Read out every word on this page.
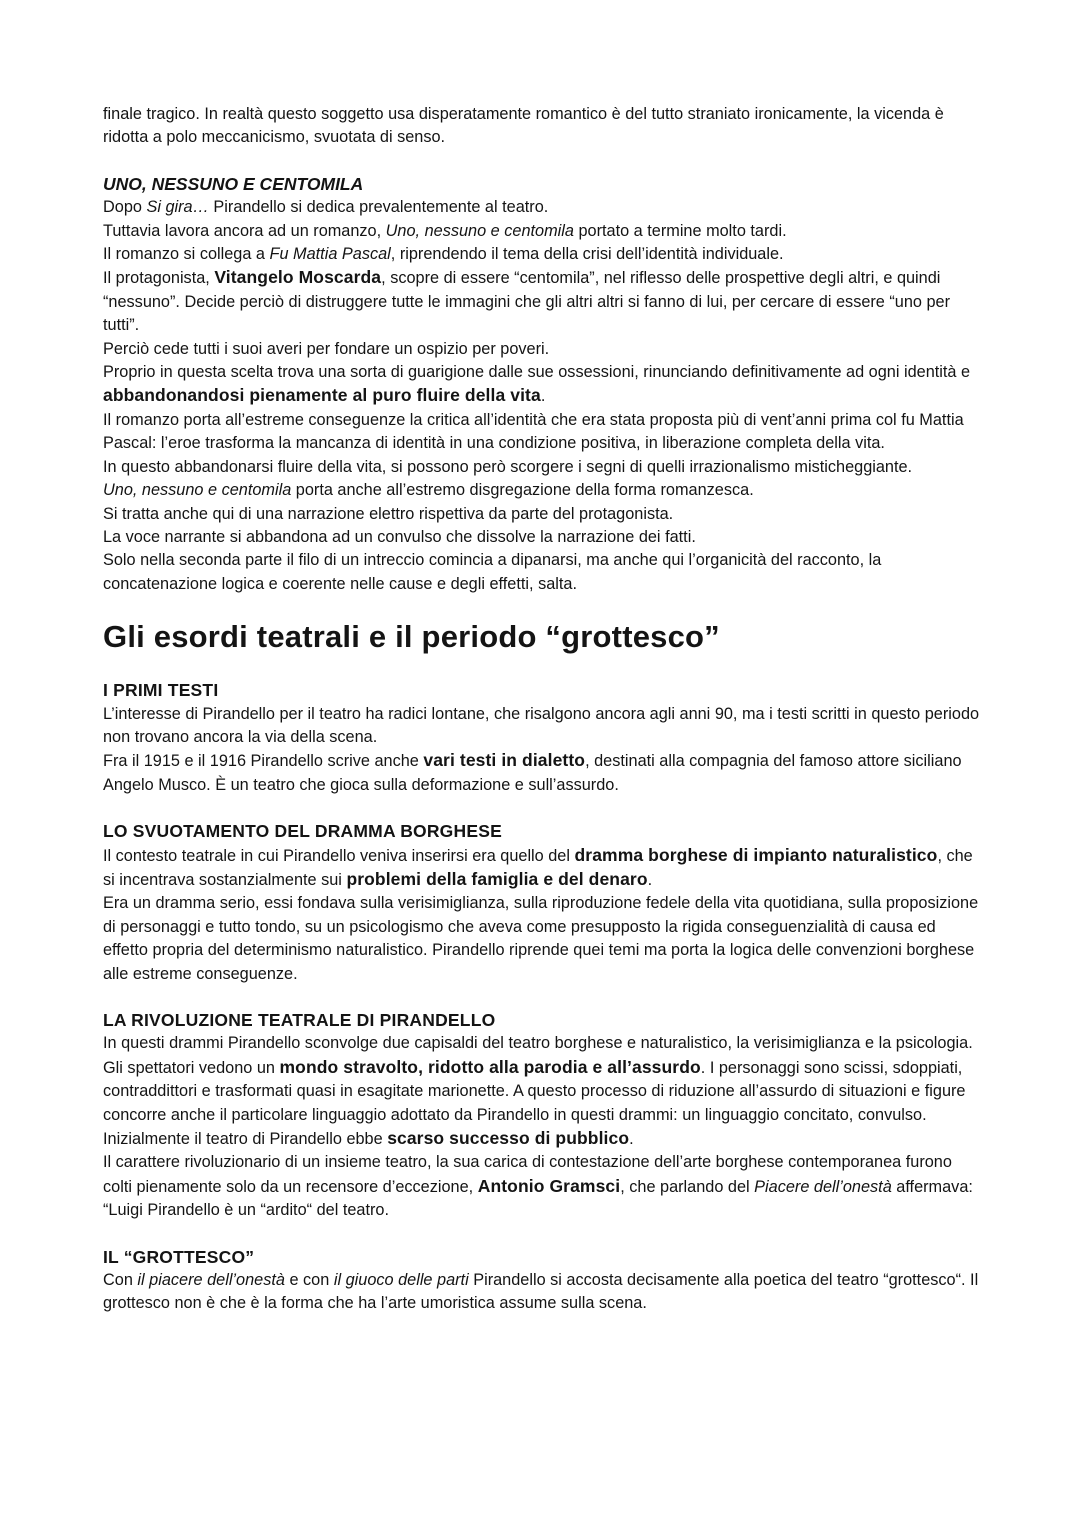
finale tragico. In realtà questo soggetto usa disperatamente romantico è del tutto straniato ironicamente, la vicenda è ridotta a polo meccanicismo, svuotata di senso.

UNO, NESSUNO E CENTOMILA

Dopo Si gira… Pirandello si dedica prevalentemente al teatro.

Tuttavia lavora ancora ad un romanzo, Uno, nessuno e centomila portato a termine molto tardi.

Il romanzo si collega a Fu Mattia Pascal, riprendendo il tema della crisi dell’identità individuale.

Il protagonista, Vitangelo Moscarda, scopre di essere “centomila”, nel riflesso delle prospettive degli altri, e quindi “nessuno”. Decide perciò di distruggere tutte le immagini che gli altri altri si fanno di lui, per cercare di essere “uno per tutti”.

Perciò cede tutti i suoi averi per fondare un ospizio per poveri.

Proprio in questa scelta trova una sorta di guarigione dalle sue ossessioni, rinunciando definitivamente ad ogni identità e abbandonandosi pienamente al puro fluire della vita.

Il romanzo porta all’estreme conseguenze la critica all’identità che era stata proposta più di vent’anni prima col fu Mattia Pascal: l’eroe trasforma la mancanza di identità in una condizione positiva, in liberazione completa della vita.

In questo abbandonarsi fluire della vita, si possono però scorgere i segni di quelli irrazionalismo misticheggiante.

Uno, nessuno e centomila porta anche all’estremo disgregazione della forma romanzesca.

Si tratta anche qui di una narrazione elettro rispettiva da parte del protagonista.

La voce narrante si abbandona ad un convulso che dissolve la narrazione dei fatti.

Solo nella seconda parte il filo di un intreccio comincia a dipanarsi, ma anche qui l’organicità del racconto, la concatenazione logica e coerente nelle cause e degli effetti, salta.

Gli esordi teatrali e il periodo “grottesco”
I PRIMI TESTI

L’interesse di Pirandello per il teatro ha radici lontane, che risalgono ancora agli anni 90, ma i testi scritti in questo periodo non trovano ancora la via della scena.

Fra il 1915 e il 1916 Pirandello scrive anche vari testi in dialetto, destinati alla compagnia del famoso attore siciliano Angelo Musco. È un teatro che gioca sulla deformazione e sull’assurdo.

LO SVUOTAMENTO DEL DRAMMA BORGHESE

Il contesto teatrale in cui Pirandello veniva inserirsi era quello del dramma borghese di impianto naturalistico, che si incentrava sostanzialmente sui problemi della famiglia e del denaro.

Era un dramma serio, essi fondava sulla verisimiglianza, sulla riproduzione fedele della vita quotidiana, sulla proposizione di personaggi e tutto tondo, su un psicologismo che aveva come presupposto la rigida conseguenzialità di causa ed effetto propria del determinismo naturalistico. Pirandello riprende quei temi ma porta la logica delle convenzioni borghese alle estreme conseguenze.

LA RIVOLUZIONE TEATRALE DI PIRANDELLO

In questi drammi Pirandello sconvolge due capisaldi del teatro borghese e naturalistico, la verisimiglianza e la psicologia. Gli spettatori vedono un mondo stravolto, ridotto alla parodia e all’assurdo. I personaggi sono scissi, sdoppiati, contraddittori e trasformati quasi in esagitate marionette. A questo processo di riduzione all’assurdo di situazioni e figure concorre anche il particolare linguaggio adottato da Pirandello in questi drammi: un linguaggio concitato, convulso.

Inizialmente il teatro di Pirandello ebbe scarso successo di pubblico.

Il carattere rivoluzionario di un insieme teatro, la sua carica di contestazione dell’arte borghese contemporanea furono colti pienamente solo da un recensore d’eccezione, Antonio Gramsci, che parlando del Piacere dell’onestà affermava: “Luigi Pirandello è un “ardito“ del teatro.

IL “GROTTESCO”

Con il piacere dell’onestà e con il giuoco delle parti Pirandello si accosta decisamente alla poetica del teatro “grottesco“. Il grottesco non è che è la forma che ha l’arte umoristica assume sulla scena.
